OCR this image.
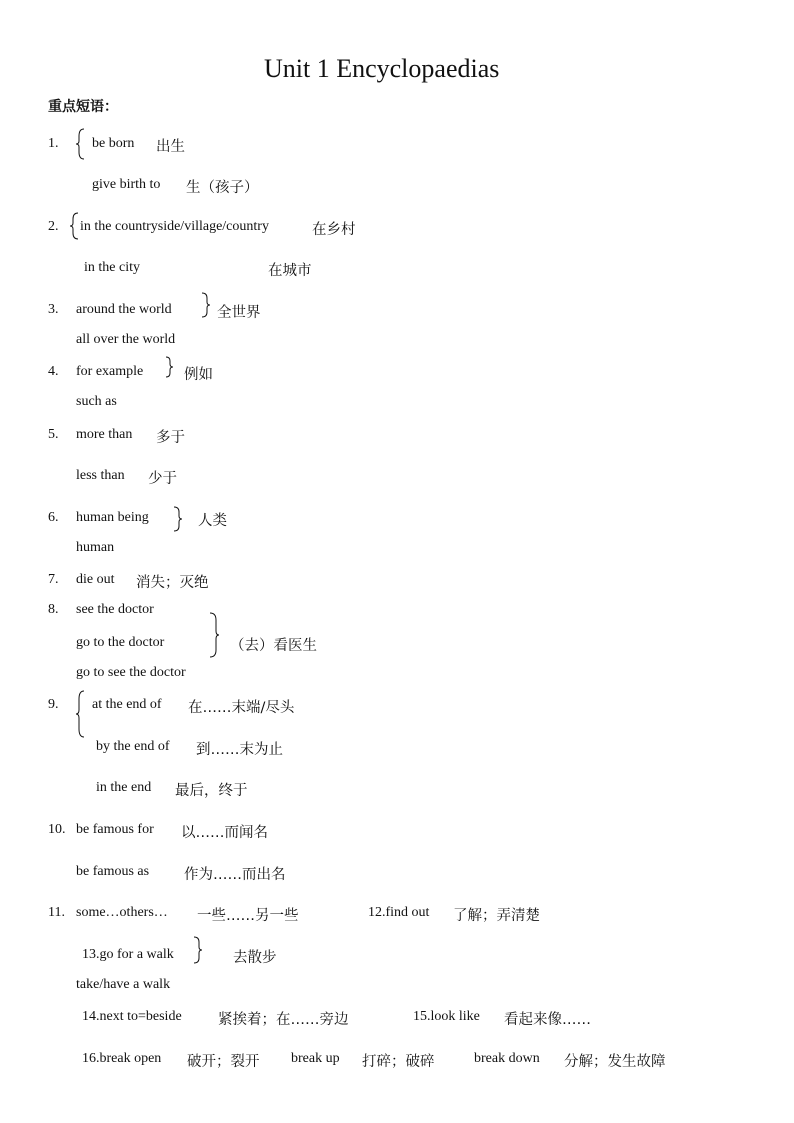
Unit 1 Encyclopaedias
重点短语：
1. be born 出生
give birth to 生（孩子）
2. in the countryside/village/country	在乡村
in the city	在城市
3. around the world	全世界
all over the world
4. for example	例如
such as
5. more than 多于
less than 少于
6. human being	人类
human
7. die out 消失；灭绝
8. see the doctor
go to the doctor	（去）看医生
go to see the doctor
9. at the end of 在……末端/尽头
by the end of 到……末为止
in the end 最后，终于
10. be famous for 以……而闻名
be famous as 作为……而出名
11. some…others… 一些……另一些	12.find out 了解；弄清楚
13.go for a walk	去散步
take/have a walk
14.next to=beside	紧挨着；在……旁边	15.look like 看起来像……
16.break open 破开；裂开 break up 打碎；破碎	break down 分解；发生故障
